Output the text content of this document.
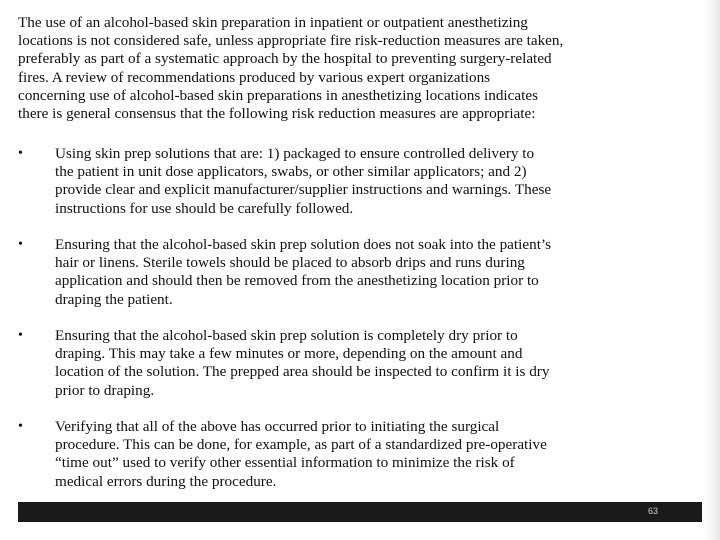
The use of an alcohol-based skin preparation in inpatient or outpatient anesthetizing
locations is not considered safe, unless appropriate fire risk-reduction measures are taken,
preferably as part of a systematic approach by the hospital to preventing surgery-related
fires. A review of recommendations produced by various expert organizations
concerning use of alcohol-based skin preparations in anesthetizing locations indicates
there is general consensus that the following risk reduction measures are appropriate:

• Using skin prep solutions that are: 1) packaged to ensure controlled delivery to
the patient in unit dose applicators, swabs, or other similar applicators; and 2)
provide clear and explicit manufacturer/supplier instructions and warnings. These
instructions for use should be carefully followed.
• Ensuring that the alcohol-based skin prep solution does not soak into the patient’s
hair or linens. Sterile towels should be placed to absorb drips and runs during
application and should then be removed from the anesthetizing location prior to
draping the patient.
• Ensuring that the alcohol-based skin prep solution is completely dry prior to
draping. This may take a few minutes or more, depending on the amount and
location of the solution. The prepped area should be inspected to confirm it is dry
prior to draping.
• Verifying that all of the above has occurred prior to initiating the surgical
procedure. This can be done, for example, as part of a standardized pre-operative
“time out” used to verify other essential information to minimize the risk of
medical errors during the procedure.
63
